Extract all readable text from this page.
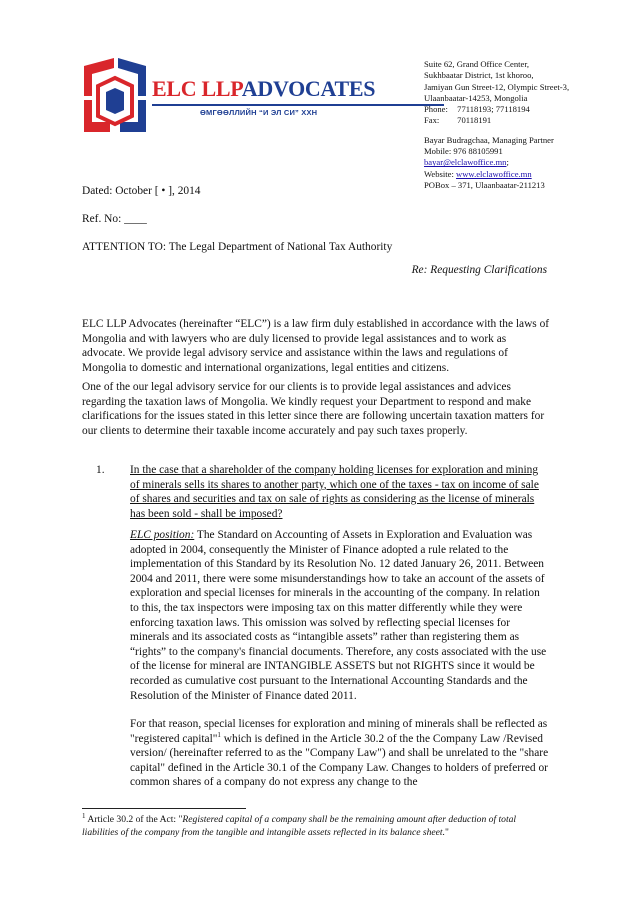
ELC LLPADVOCATES
ӨМГӨӨЛЛИЙН “И ЭЛ СИ” ХХН
Suite 62, Grand Office Center,
Sukhbaatar District, 1st khoroo,
Jamiyan Gun Street-12, Olympic Street-3,
Ulaanbaatar-14253, Mongolia
Phone: 77118193; 77118194
Fax: 70118191
Bayar Budragchaa, Managing Partner
Mobile: 976 88105991
bayar@elclawoffice.mn;
Website: www.elclawoffice.mn
POBox – 371, Ulaanbaatar-211213
Dated: October [ • ], 2014
Ref. No: ____
ATTENTION TO: The Legal Department of National Tax Authority
Re: Requesting Clarifications
ELC LLP Advocates (hereinafter “ELC”) is a law firm duly established in accordance with the laws of Mongolia and with lawyers who are duly licensed to provide legal assistances and to work as advocate. We provide legal advisory service and assistance within the laws and regulations of Mongolia to domestic and international organizations, legal entities and citizens.
One of the our legal advisory service for our clients is to provide legal assistances and advices regarding the taxation laws of Mongolia. We kindly request your Department to respond and make clarifications for the issues stated in this letter since there are following uncertain taxation matters for our clients to determine their taxable income accurately and pay such taxes properly.
1. In the case that a shareholder of the company holding licenses for exploration and mining of minerals sells its shares to another party, which one of the taxes - tax on income of sale of shares and securities and tax on sale of rights as considering as the license of minerals has been sold - shall be imposed?
ELC position: The Standard on Accounting of Assets in Exploration and Evaluation was adopted in 2004, consequently the Minister of Finance adopted a rule related to the implementation of this Standard by its Resolution No. 12 dated January 26, 2011. Between 2004 and 2011, there were some misunderstandings how to take an account of the assets of exploration and special licenses for minerals in the accounting of the company. In relation to this, the tax inspectors were imposing tax on this matter differently while they were enforcing taxation laws. This omission was solved by reflecting special licenses for minerals and its associated costs as “intangible assets” rather than registering them as “rights” to the company's financial documents. Therefore, any costs associated with the use of the license for mineral are INTANGIBLE ASSETS but not RIGHTS since it would be recorded as cumulative cost pursuant to the International Accounting Standards and the Resolution of the Minister of Finance dated 2011.
For that reason, special licenses for exploration and mining of minerals shall be reflected as "registered capital"$^1$ which is defined in the Article 30.2 of the the Company Law /Revised version/ (hereinafter referred to as the "Company Law") and shall be unrelated to the "share capital" defined in the Article 30.1 of the Company Law. Changes to holders of preferred or common shares of a company do not express any change to the
$^1$ Article 30.2 of the Act: "Registered capital of a company shall be the remaining amount after deduction of total liabilities of the company from the tangible and intangible assets reflected in its balance sheet."
